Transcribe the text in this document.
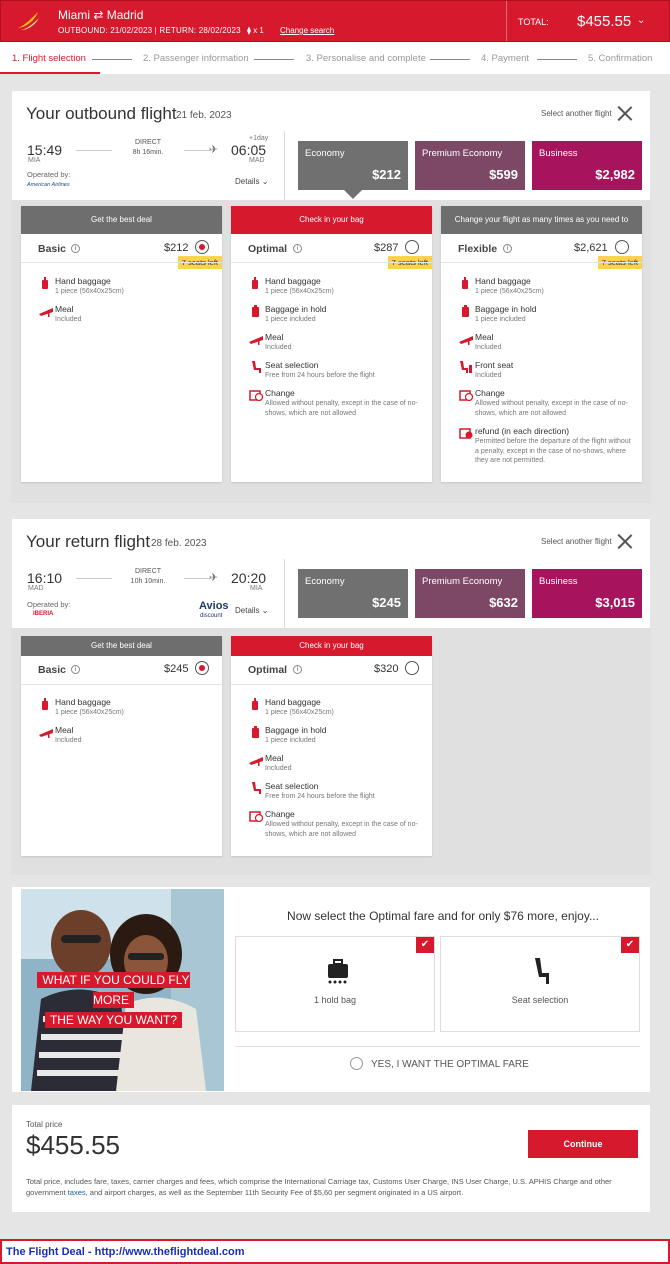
Miami ⇄ Madrid
OUTBOUND: 21/02/2023 | RETURN: 28/02/2023 ⧫ x 1 Change search
TOTAL: $455.55 ⌄
1. Flight selection	2. Passenger information	3. Personalise and complete	4. Payment	5. Confirmation
Your outbound flight 21 feb. 2023	Select another flight
15:49
MIA
DIRECT
8h 16min.	✈
+1day
06:05
MAD
Operated by:
American Airlines	Details ⌄
Economy
$212
Premium Economy
$599
Business
$2,982
Get the best deal
Basic	i	$212
Hand baggage
1 piece (56x40x25cm)
Meal
Included
Check in your bag
Optimal	i	$287
Hand baggage
1 piece (56x40x25cm)
Baggage in hold
1 piece included
Meal
Included
Seat selection
Free from 24 hours before the flight
Change
Allowed without penalty, except in the case of no-shows, which are not allowed
Change your flight as many times as you need to
Flexible	i	$2,621
Hand baggage
1 piece (56x40x25cm)
Baggage in hold
1 piece included
Meal
Included
Front seat
Included
Change
Allowed without penalty, except in the case of no-shows, which are not allowed
refund (in each direction)
Permitted before the departure of the flight without a penalty, except in the case of no-shows, where they are not permitted.
Your return flight 28 feb. 2023	Select another flight
16:10
MAD
DIRECT
10h 10min.	✈ 20:20
MIA
Operated by:
IBERIA
Avios
discount
Details ⌄
Economy
$245
Premium Economy
$632
Business
$3,015
Get the best deal
Basic	i	$245
Hand baggage
1 piece (56x40x25cm)
Meal
Included
Check in your bag
Optimal	i	$320
Hand baggage
1 piece (56x40x25cm)
Baggage in hold
1 piece included
Meal
Included
Seat selection
Free from 24 hours before the flight
Change
Allowed without penalty, except in the case of no-shows, which are not allowed
WHAT IF YOU COULD FLY MORE
THE WAY YOU WANT?
Now select the Optimal fare and for only $76 more, enjoy...
✔
1 hold bag
✔
Seat selection
YES, I WANT THE OPTIMAL FARE
Total price
$455.55	Continue
Total price, includes fare, taxes, carrier charges and fees, which comprise the International Carriage tax, Customs User Charge, INS User Charge, U.S. APHIS Charge and other government taxes, and airport charges, as well as the September 11th Security Fee of $5,60 per segment originated in a US airport.
The Flight Deal - http://www.theflightdeal.com
